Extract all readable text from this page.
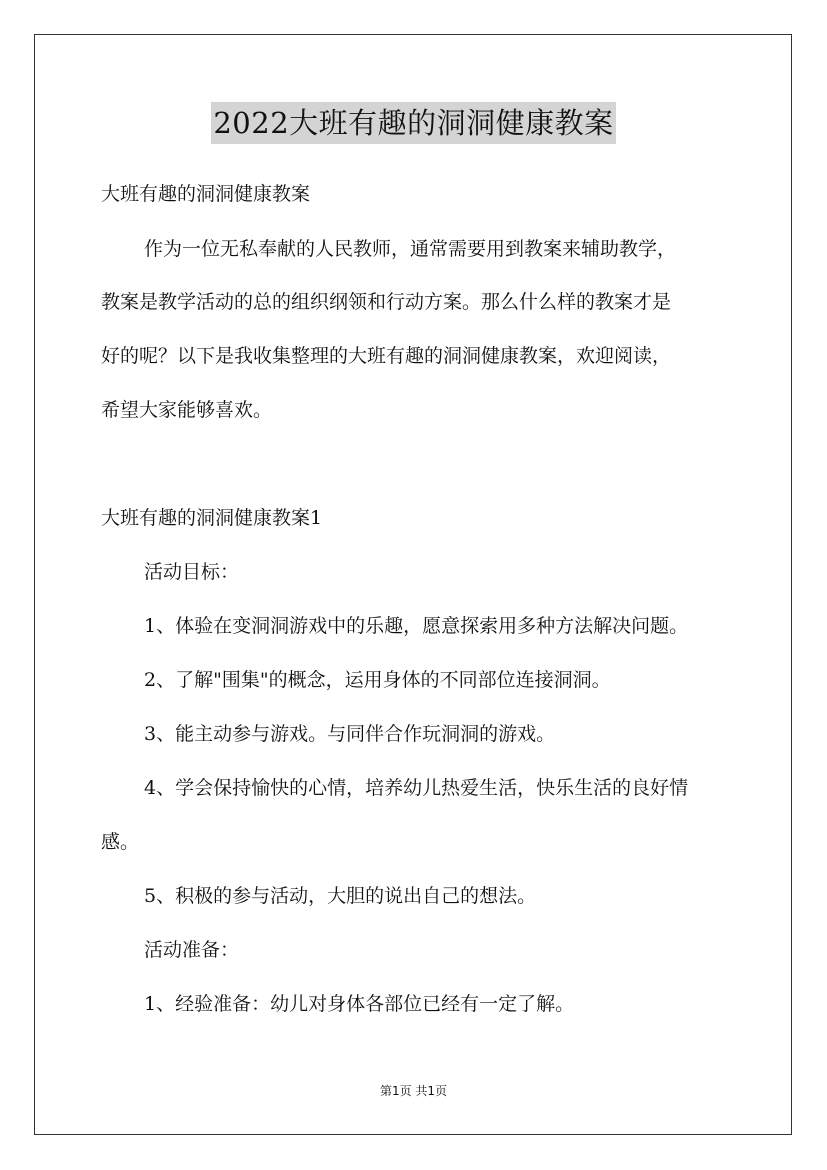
2022大班有趣的洞洞健康教案

大班有趣的洞洞健康教案

作为一位无私奉献的人民教师，通常需要用到教案来辅助教学，

教案是教学活动的总的组织纲领和行动方案。那么什么样的教案才是

好的呢？以下是我收集整理的大班有趣的洞洞健康教案，欢迎阅读，

希望大家能够喜欢。

大班有趣的洞洞健康教案1

活动目标：

1、体验在变洞洞游戏中的乐趣，愿意探索用多种方法解决问题。

2、了解"围集"的概念，运用身体的不同部位连接洞洞。

3、能主动参与游戏。与同伴合作玩洞洞的游戏。

4、学会保持愉快的心情，培养幼儿热爱生活，快乐生活的良好情

感。

5、积极的参与活动，大胆的说出自己的想法。

活动准备：

1、经验准备：幼儿对身体各部位已经有一定了解。

第1页 共1页
